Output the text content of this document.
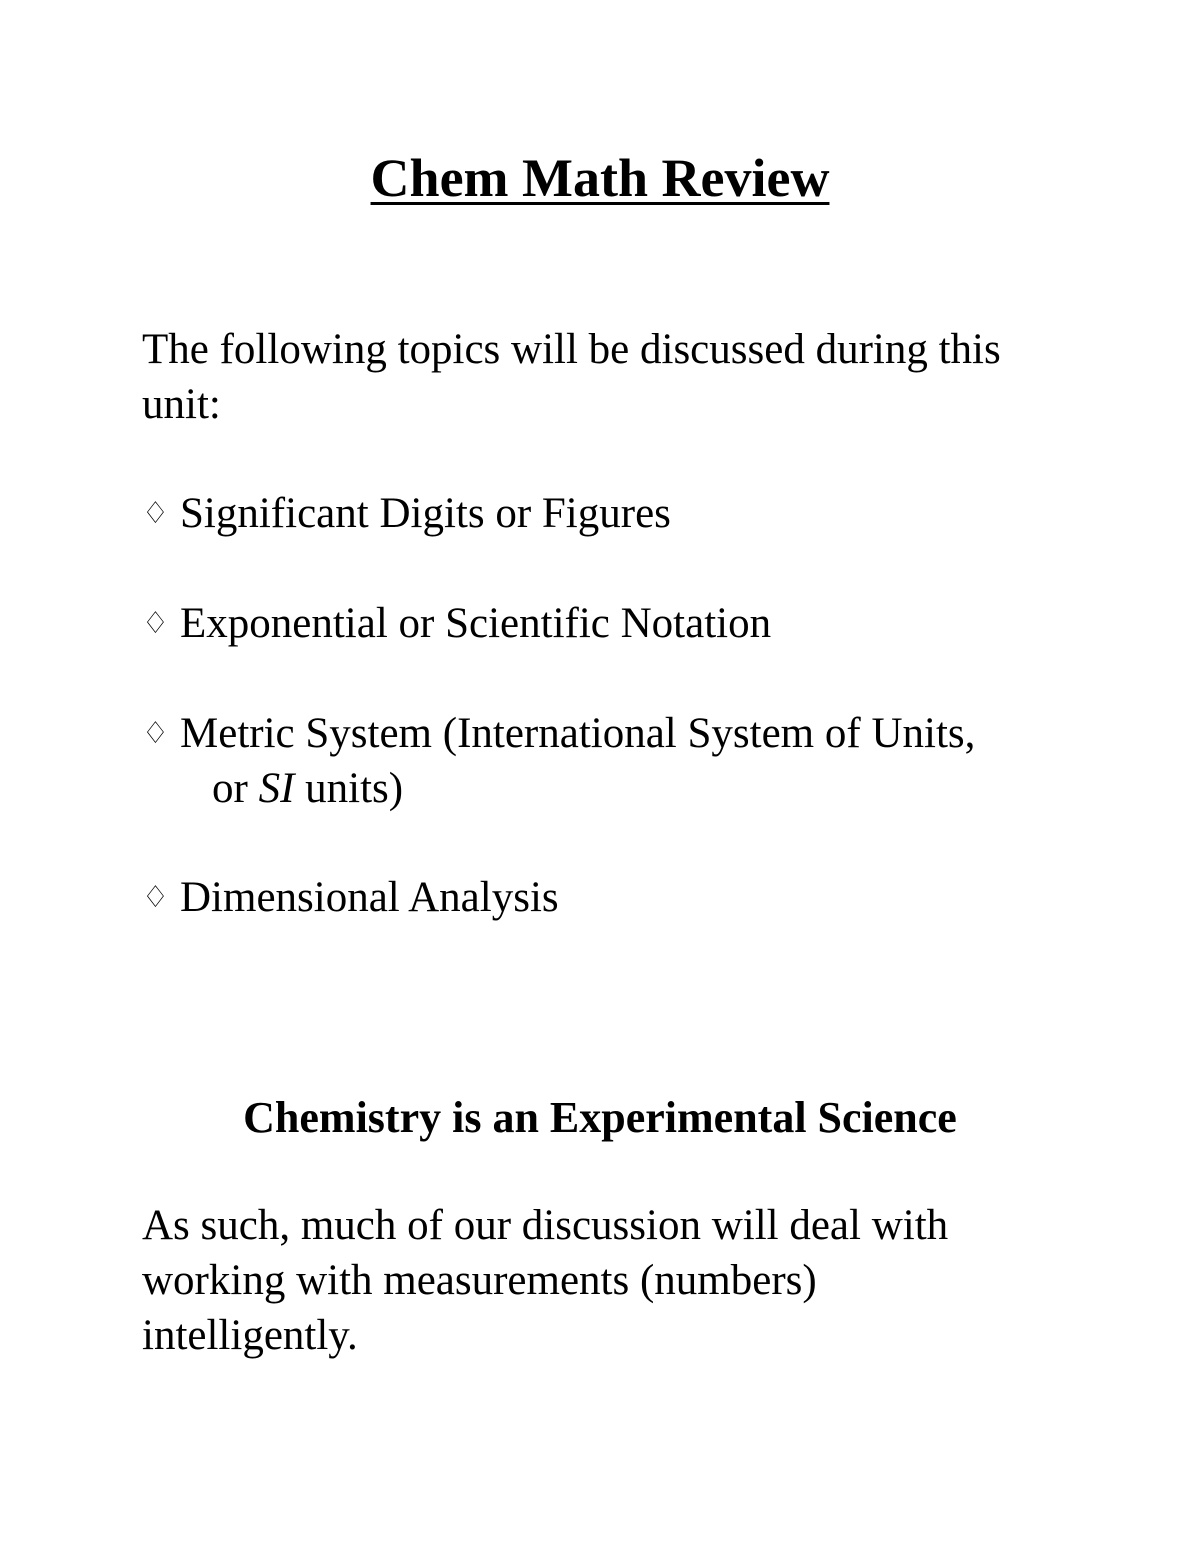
Chem Math Review
The following topics will be discussed during this unit:
♢ Significant Digits or Figures
♢ Exponential or Scientific Notation
♢ Metric System (International System of Units,
or SI units)
♢ Dimensional Analysis
Chemistry is an Experimental Science
As such, much of our discussion will deal with working with measurements (numbers) intelligently.
